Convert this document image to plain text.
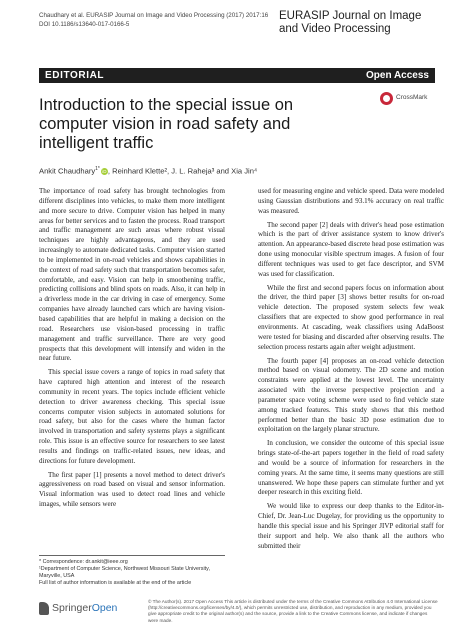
Chaudhary et al. EURASIP Journal on Image and Video Processing (2017) 2017:16
DOI 10.1186/s13640-017-0166-5
EURASIP Journal on Image
and Video Processing
EDITORIAL	Open Access
Introduction to the special issue on computer vision in road safety and intelligent traffic
CrossMark
Ankit Chaudhary$^{1*}$ iD, Reinhard Klette², J. L. Raheja³ and Xia Jin⁴

The importance of road safety has brought technologies from different disciplines into vehicles, to make them more intelligent and more secure to drive. Computer vision has helped in many areas for better services and to fasten the process. Road transport and traffic management are such areas where robust visual techniques are highly advantageous, and they are used increasingly to automate dedicated tasks. Computer vision started to be implemented in on-road vehicles and shows capabilities in the context of road safety such that transportation becomes safer, comfortable, and easy. Vision can help in smoothening traffic, predicting collisions and blind spots on roads. Also, it can help in a driverless mode in the car driving in case of emergency. Some companies have already launched cars which are having vision-based capabilities that are helpful in making a decision on the road. Researchers use vision-based processing in traffic management and traffic surveillance. There are very good prospects that this development will intensify and widen in the near future.

This special issue covers a range of topics in road safety that have captured high attention and interest of the research community in recent years. The topics include efficient vehicle detection to driver awareness checking. This special issue concerns computer vision subjects in automated solutions for road safety, but also for the cases where the human factor involved in transportation and safety systems plays a significant role. This issue is an effective source for researchers to see latest results and findings on traffic-related issues, new ideas, and directions for future development.

The first paper [1] presents a novel method to detect driver's aggressiveness on road based on visual and sensor information. Visual information was used to detect road lines and vehicle images, while sensors were

used for measuring engine and vehicle speed. Data were modeled using Gaussian distributions and 93.1% accuracy on real traffic was measured.

The second paper [2] deals with driver's head pose estimation which is the part of driver assistance system to know driver's attention. An appearance-based discrete head pose estimation was done using monocular visible spectrum images. A fusion of four different techniques was used to get face descriptor, and SVM was used for classification.

While the first and second papers focus on information about the driver, the third paper [3] shows better results for on-road vehicle detection. The proposed system selects few weak classifiers that are expected to show good performance in real environments. At cascading, weak classifiers using AdaBoost were tested for biasing and discarded after observing results. The selection process restarts again after weight adjustment.

The fourth paper [4] proposes an on-road vehicle detection method based on visual odometry. The 2D scene and motion constraints were applied at the lowest level. The uncertainty associated with the inverse perspective projection and a parameter space voting scheme were used to find vehicle state among tracked features. This study shows that this method performed better than the basic 3D pose estimation due to exploitation on the largely planar structure.

In conclusion, we consider the outcome of this special issue brings state-of-the-art papers together in the field of road safety and would be a source of information for researchers in the coming years. At the same time, it seems many questions are still unanswered. We hope these papers can stimulate further and yet deeper research in this exciting field.

We would like to express our deep thanks to the Editor-in-Chief, Dr. Jean-Luc Dugelay, for providing us the opportunity to handle this special issue and his Springer JIVP editorial staff for their support and help. We also thank all the authors who submitted their

* Correspondence: dr.ankit@ieee.org
¹Department of Computer Science, Northwest Missouri State University, Maryville, USA
Full list of author information is available at the end of the article
SpringerOpen
© The Author(s). 2017 Open Access This article is distributed under the terms of the Creative Commons Attribution 4.0 International License (http://creativecommons.org/licenses/by/4.0/), which permits unrestricted use, distribution, and reproduction in any medium, provided you give appropriate credit to the original author(s) and the source, provide a link to the Creative Commons license, and indicate if changes were made.
